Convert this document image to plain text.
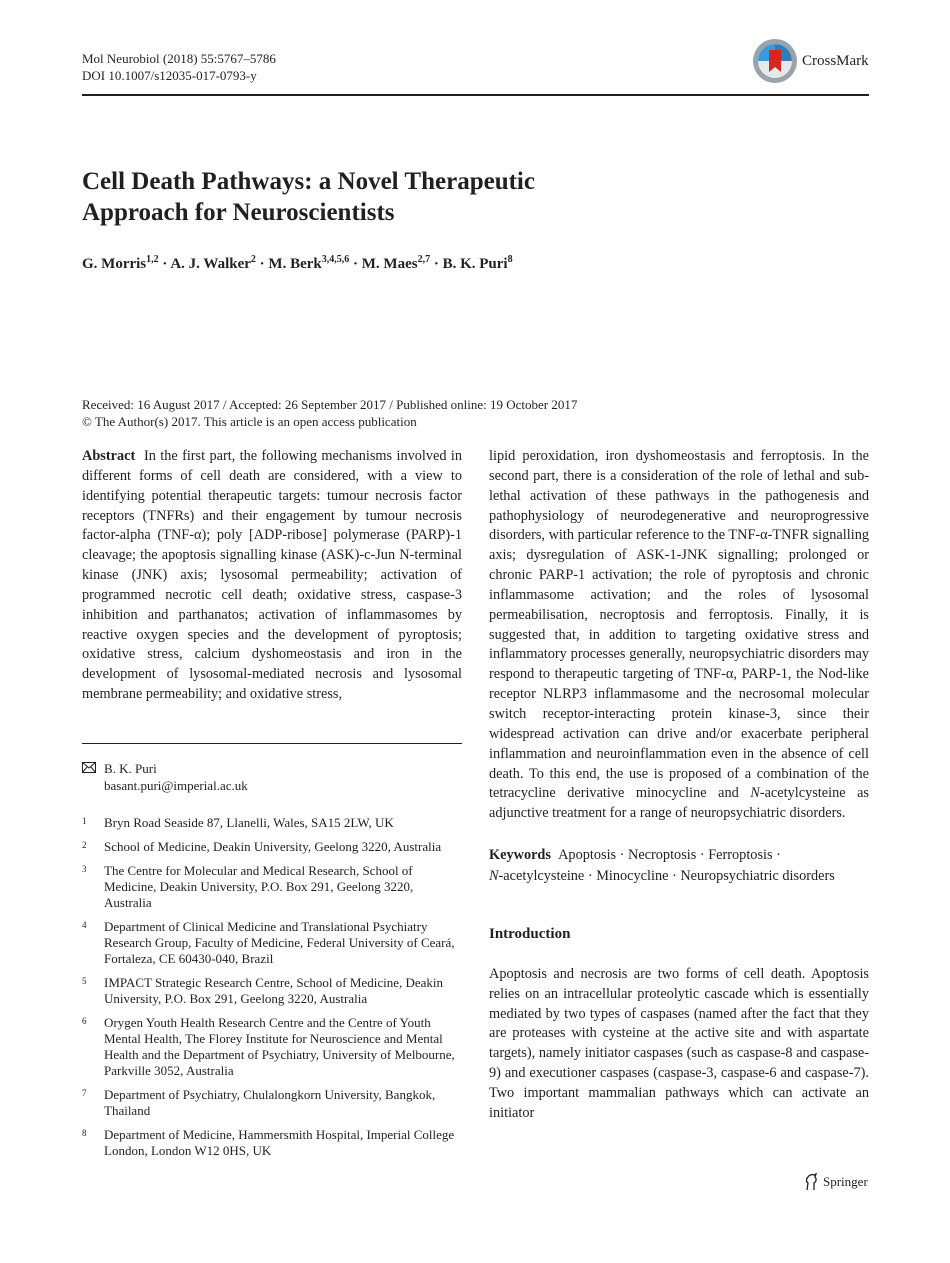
Mol Neurobiol (2018) 55:5767–5786
DOI 10.1007/s12035-017-0793-y
CrossMark
Cell Death Pathways: a Novel Therapeutic
Approach for Neuroscientists
G. Morris$^{1,2}$ · A. J. Walker$^2$ · M. Berk$^{3,4,5,6}$ · M. Maes$^{2,7}$ · B. K. Puri$^8$
Received: 16 August 2017 / Accepted: 26 September 2017 / Published online: 19 October 2017
© The Author(s) 2017. This article is an open access publication
Abstract In the first part, the following mechanisms involved in different forms of cell death are considered, with a view to identifying potential therapeutic targets: tumour necrosis factor receptors (TNFRs) and their engagement by tumour necrosis factor-alpha (TNF-α); poly [ADP-ribose] polymerase (PARP)-1 cleavage; the apoptosis signalling kinase (ASK)-c-Jun N-terminal kinase (JNK) axis; lysosomal permeability; activation of programmed necrotic cell death; oxidative stress, caspase-3 inhibition and parthanatos; activation of inflammasomes by reactive oxygen species and the development of pyroptosis; oxidative stress, calcium dyshomeostasis and iron in the development of lysosomal-mediated necrosis and lysosomal membrane permeability; and oxidative stress,
B. K. Puri
basant.puri@imperial.ac.uk
1	Bryn Road Seaside 87, Llanelli, Wales, SA15 2LW, UK
2	School of Medicine, Deakin University, Geelong 3220, Australia
3	The Centre for Molecular and Medical Research, School of Medicine, Deakin University, P.O. Box 291, Geelong 3220, Australia
4	Department of Clinical Medicine and Translational Psychiatry Research Group, Faculty of Medicine, Federal University of Ceará, Fortaleza, CE 60430-040, Brazil
5	IMPACT Strategic Research Centre, School of Medicine, Deakin University, P.O. Box 291, Geelong 3220, Australia
6	Orygen Youth Health Research Centre and the Centre of Youth Mental Health, The Florey Institute for Neuroscience and Mental Health and the Department of Psychiatry, University of Melbourne, Parkville 3052, Australia
7	Department of Psychiatry, Chulalongkorn University, Bangkok, Thailand
8	Department of Medicine, Hammersmith Hospital, Imperial College London, London W12 0HS, UK
lipid peroxidation, iron dyshomeostasis and ferroptosis. In the second part, there is a consideration of the role of lethal and sub-lethal activation of these pathways in the pathogenesis and pathophysiology of neurodegenerative and neuroprogressive disorders, with particular reference to the TNF-α-TNFR signalling axis; dysregulation of ASK-1-JNK signalling; prolonged or chronic PARP-1 activation; the role of pyroptosis and chronic inflammasome activation; and the roles of lysosomal permeabilisation, necroptosis and ferroptosis. Finally, it is suggested that, in addition to targeting oxidative stress and inflammatory processes generally, neuropsychiatric disorders may respond to therapeutic targeting of TNF-α, PARP-1, the Nod-like receptor NLRP3 inflammasome and the necrosomal molecular switch receptor-interacting protein kinase-3, since their widespread activation can drive and/or exacerbate peripheral inflammation and neuroinflammation even in the absence of cell death. To this end, the use is proposed of a combination of the tetracycline derivative minocycline and N-acetylcysteine as adjunctive treatment for a range of neuropsychiatric disorders.
Keywords Apoptosis · Necroptosis · Ferroptosis ·
N-acetylcysteine · Minocycline · Neuropsychiatric disorders
Introduction
Apoptosis and necrosis are two forms of cell death. Apoptosis relies on an intracellular proteolytic cascade which is essentially mediated by two types of caspases (named after the fact that they are proteases with cysteine at the active site and with aspartate targets), namely initiator caspases (such as caspase-8 and caspase-9) and executioner caspases (caspase-3, caspase-6 and caspase-7). Two important mammalian pathways which can activate an initiator
Springer
